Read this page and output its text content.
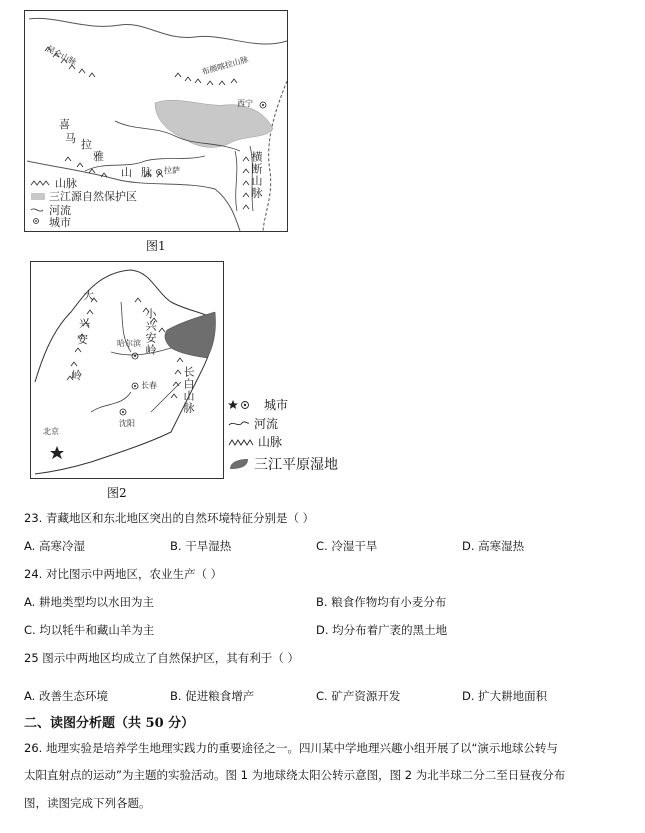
昆仑山脉	布颜喀拉山脉
西宁
喜
马 拉
雅
山 脉 拉萨	横断山脉
山脉
三江源自然保护区
河流
城市
图1
大
兴
安
岭
小兴安岭
哈尔滨
长春 长白山脉
沈阳
北京
图2
城市
河流
山脉
三江平原湿地
23. 青藏地区和东北地区突出的自然环境特征分别是（ ）
A. 高寒冷湿	B. 干旱湿热	C. 冷湿干旱	D. 高寒湿热
24. 对比图示中两地区，农业生产（ ）
A. 耕地类型均以水田为主	B. 粮食作物均有小麦分布
C. 均以牦牛和藏山羊为主	D. 均分布着广袤的黑土地
25 图示中两地区均成立了自然保护区，其有利于（ ）
A. 改善生态环境	B. 促进粮食增产	C. 矿产资源开发	D. 扩大耕地面积
二、读图分析题（共 50 分）
26. 地理实验是培养学生地理实践力的重要途径之一。四川某中学地理兴趣小组开展了以“演示地球公转与
太阳直射点的运动”为主题的实验活动。图 1 为地球绕太阳公转示意图，图 2 为北半球二分二至日昼夜分布
图，读图完成下列各题。
